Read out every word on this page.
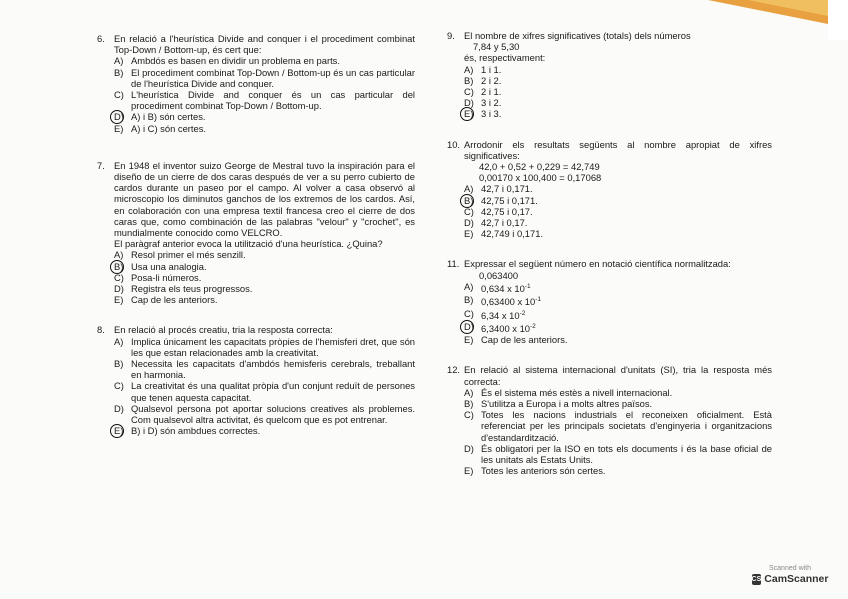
6. En relació a l'heurística Divide and conquer i el procediment combinat Top-Down / Bottom-up, és cert que:
A) Ambdós es basen en dividir un problema en parts.
B) El procediment combinat Top-Down / Bottom-up és un cas particular de l'heurística Divide and conquer.
C) L'heurística Divide and conquer és un cas particular del procediment combinat Top-Down / Bottom-up.
D) A) i B) són certes.
E) A) i C) són certes.
7. En 1948 el inventor suizo George de Mestral tuvo la inspiración para el diseño de un cierre de dos caras después de ver a su perro cubierto de cardos durante un paseo por el campo. Al volver a casa observó al microscopio los diminutos ganchos de los extremos de los cardos. Así, en colaboración con una empresa textil francesa creo el cierre de dos caras que, como combinación de las palabras "velour" y "crochet", es mundialmente conocido como VELCRO.
El paràgraf anterior evoca la utilització d'una heurística. ¿Quina?
A) Resol primer el més senzill.
B) Usa una analogia.
C) Posa-li números.
D) Registra els teus progressos.
E) Cap de les anteriors.
8. En relació al procés creatiu, tria la resposta correcta:
A) Implica únicament les capacitats pròpies de l'hemisferi dret, que són les que estan relacionades amb la creativitat.
B) Necessita les capacitats d'ambdós hemisferis cerebrals, treballant en harmonia.
C) La creativitat és una qualitat pròpia d'un conjunt reduït de persones que tenen aquesta capacitat.
D) Qualsevol persona pot aportar solucions creatives als problemes. Com qualsevol altra activitat, és quelcom que es pot entrenar.
E) B) i D) són ambdues correctes.
9. El nombre de xifres significatives (totals) dels números
7,84 y 5,30
és, respectivament:
A) 1 i 1.
B) 2 i 2.
C) 2 i 1.
D) 3 i 2.
E) 3 i 3.
10. Arrodonir els resultats següents al nombre apropiat de xifres significatives:
42,0 + 0,52 + 0,229 = 42,749
0,00170 x 100,400 = 0,17068
A) 42,7 i 0,171.
B) 42,75 i 0,171.
C) 42,75 i 0,17.
D) 42,7 i 0,17.
E) 42,749 i 0,171.
11. Expressar el següent número en notació científica normalitzada:
0,063400
A) 0,634 x $10^{-1}$
B) 0,63400 x $10^{-1}$
C) 6,34 x $10^{-2}$
D) 6,3400 x $10^{-2}$
E) Cap de les anteriors.
12. En relació al sistema internacional d'unitats (SI), tria la resposta més correcta:
A) És el sistema més estès a nivell internacional.
B) S'utilitza a Europa i a molts altres països.
C) Totes les nacions industrials el reconeixen oficialment. Està referenciat per les principals societats d'enginyeria i organitzacions d'estandardització.
D) És obligatori per la ISO en tots els documents i és la base oficial de les unitats als Estats Units.
E) Totes les anteriors són certes.
Scanned with
CS CamScanner
